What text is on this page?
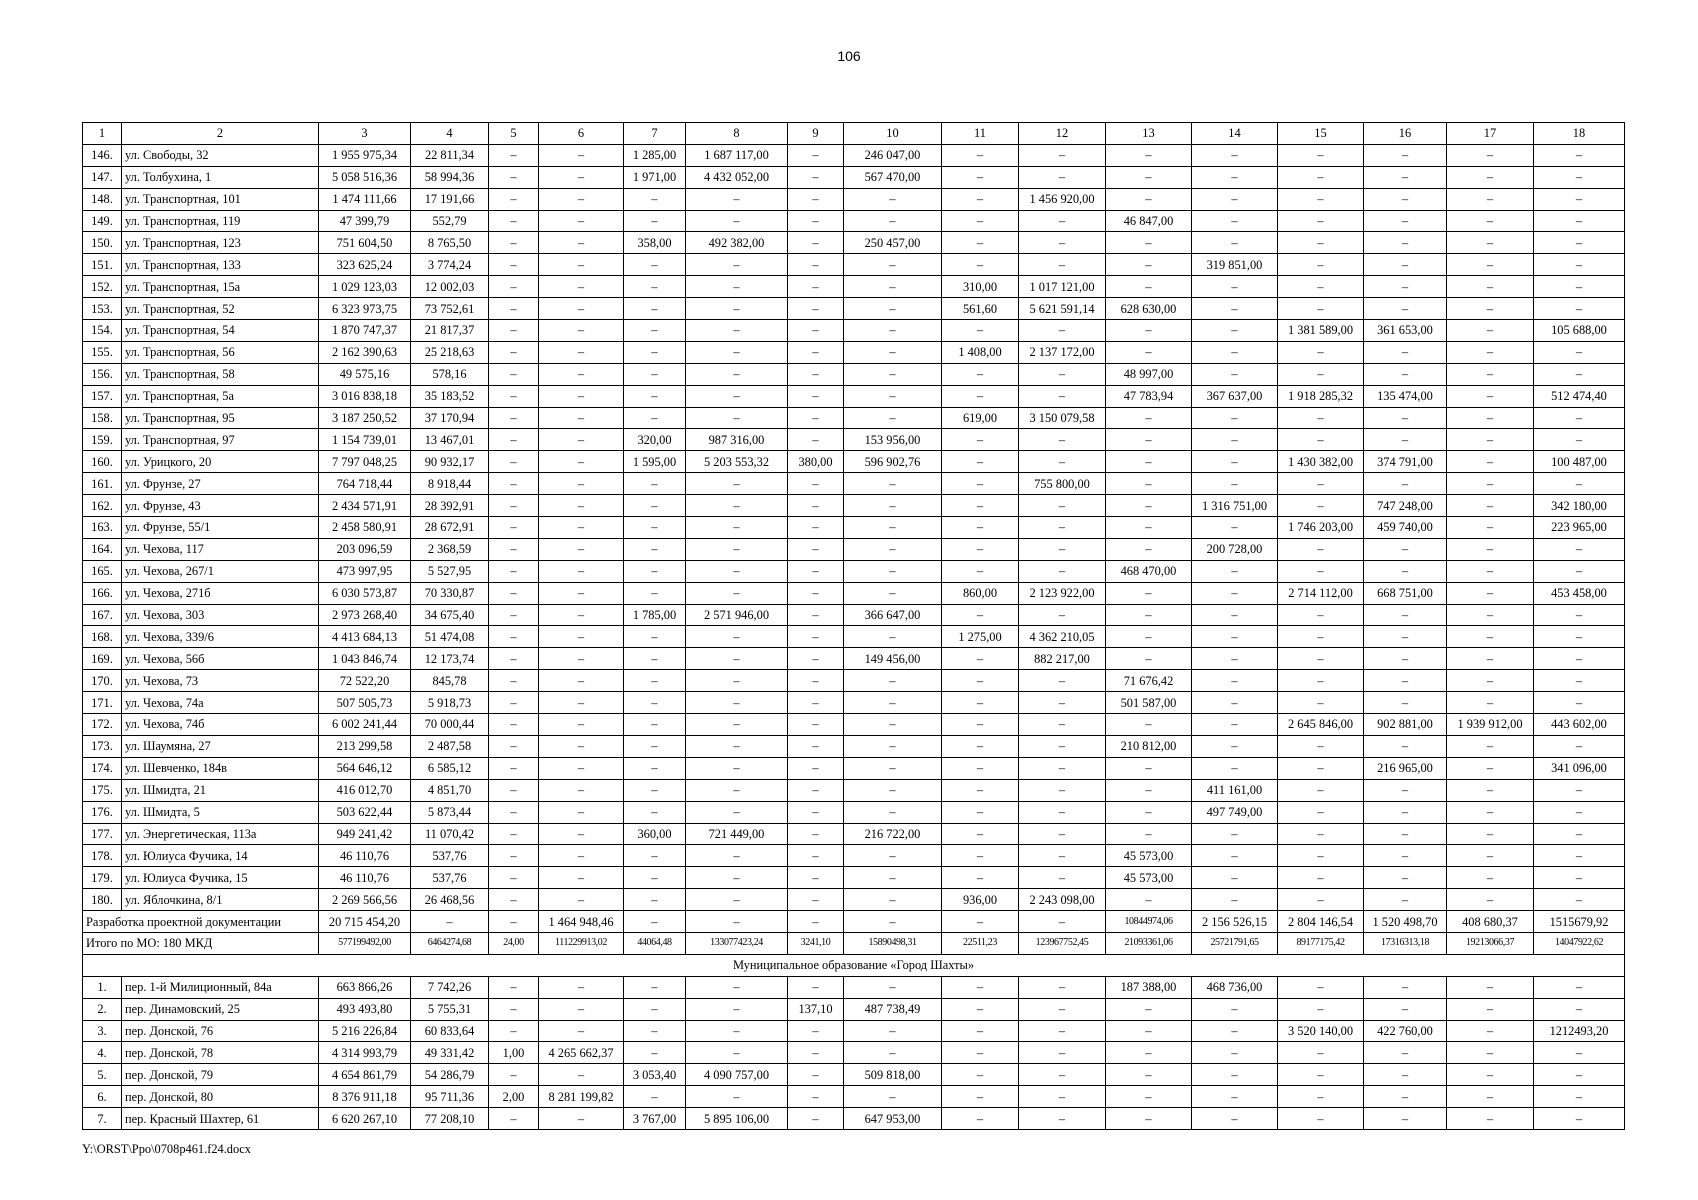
106
1	2	3	4	5	6	7	8	9	10	11	12	13	14	15	16	17	18
146.	ул. Свободы, 32	1 955 975,34	22 811,34	–	–	1 285,00	1 687 117,00	–	246 047,00	–	–	–	–	–	–	–	–
147.	ул. Толбухина, 1	5 058 516,36	58 994,36	–	–	1 971,00	4 432 052,00	–	567 470,00	–	–	–	–	–	–	–	–
148.	ул. Транспортная, 101	1 474 111,66	17 191,66	–	–	–	–	–	–	–	1 456 920,00	–	–	–	–	–	–
149.	ул. Транспортная, 119	47 399,79	552,79	–	–	–	–	–	–	–	–	46 847,00	–	–	–	–	–
150.	ул. Транспортная, 123	751 604,50	8 765,50	–	–	358,00	492 382,00	–	250 457,00	–	–	–	–	–	–	–	–
151.	ул. Транспортная, 133	323 625,24	3 774,24	–	–	–	–	–	–	–	–	–	319 851,00	–	–	–	–
152.	ул. Транспортная, 15а	1 029 123,03	12 002,03	–	–	–	–	–	–	310,00	1 017 121,00	–	–	–	–	–	–
153.	ул. Транспортная, 52	6 323 973,75	73 752,61	–	–	–	–	–	–	561,60	5 621 591,14	628 630,00	–	–	–	–	–
154.	ул. Транспортная, 54	1 870 747,37	21 817,37	–	–	–	–	–	–	–	–	–	–	1 381 589,00	361 653,00	–	105 688,00
155.	ул. Транспортная, 56	2 162 390,63	25 218,63	–	–	–	–	–	–	1 408,00	2 137 172,00	–	–	–	–	–	–
156.	ул. Транспортная, 58	49 575,16	578,16	–	–	–	–	–	–	–	–	48 997,00	–	–	–	–	–
157.	ул. Транспортная, 5а	3 016 838,18	35 183,52	–	–	–	–	–	–	–	–	47 783,94	367 637,00	1 918 285,32	135 474,00	–	512 474,40
158.	ул. Транспортная, 95	3 187 250,52	37 170,94	–	–	–	–	–	–	619,00	3 150 079,58	–	–	–	–	–	–
159.	ул. Транспортная, 97	1 154 739,01	13 467,01	–	–	320,00	987 316,00	–	153 956,00	–	–	–	–	–	–	–	–
160.	ул. Урицкого, 20	7 797 048,25	90 932,17	–	–	1 595,00	5 203 553,32	380,00	596 902,76	–	–	–	–	1 430 382,00	374 791,00	–	100 487,00
161.	ул. Фрунзе, 27	764 718,44	8 918,44	–	–	–	–	–	–	–	755 800,00	–	–	–	–	–	–
162.	ул. Фрунзе, 43	2 434 571,91	28 392,91	–	–	–	–	–	–	–	–	–	1 316 751,00	–	747 248,00	–	342 180,00
163.	ул. Фрунзе, 55/1	2 458 580,91	28 672,91	–	–	–	–	–	–	–	–	–	–	1 746 203,00	459 740,00	–	223 965,00
164.	ул. Чехова, 117	203 096,59	2 368,59	–	–	–	–	–	–	–	–	–	200 728,00	–	–	–	–
165.	ул. Чехова, 267/1	473 997,95	5 527,95	–	–	–	–	–	–	–	–	468 470,00	–	–	–	–	–
166.	ул. Чехова, 271б	6 030 573,87	70 330,87	–	–	–	–	–	–	860,00	2 123 922,00	–	–	2 714 112,00	668 751,00	–	453 458,00
167.	ул. Чехова, 303	2 973 268,40	34 675,40	–	–	1 785,00	2 571 946,00	–	366 647,00	–	–	–	–	–	–	–	–
168.	ул. Чехова, 339/6	4 413 684,13	51 474,08	–	–	–	–	–	–	1 275,00	4 362 210,05	–	–	–	–	–	–
169.	ул. Чехова, 56б	1 043 846,74	12 173,74	–	–	–	–	–	149 456,00	–	882 217,00	–	–	–	–	–	–
170.	ул. Чехова, 73	72 522,20	845,78	–	–	–	–	–	–	–	–	71 676,42	–	–	–	–	–
171.	ул. Чехова, 74а	507 505,73	5 918,73	–	–	–	–	–	–	–	–	501 587,00	–	–	–	–	–
172.	ул. Чехова, 74б	6 002 241,44	70 000,44	–	–	–	–	–	–	–	–	–	–	2 645 846,00	902 881,00	1 939 912,00	443 602,00
173.	ул. Шаумяна, 27	213 299,58	2 487,58	–	–	–	–	–	–	–	–	210 812,00	–	–	–	–	–
174.	ул. Шевченко, 184в	564 646,12	6 585,12	–	–	–	–	–	–	–	–	–	–	–	216 965,00	–	341 096,00
175.	ул. Шмидта, 21	416 012,70	4 851,70	–	–	–	–	–	–	–	–	–	411 161,00	–	–	–	–
176.	ул. Шмидта, 5	503 622,44	5 873,44	–	–	–	–	–	–	–	–	–	497 749,00	–	–	–	–
177.	ул. Энергетическая, 113а	949 241,42	11 070,42	–	–	360,00	721 449,00	–	216 722,00	–	–	–	–	–	–	–	–
178.	ул. Юлиуса Фучика, 14	46 110,76	537,76	–	–	–	–	–	–	–	–	45 573,00	–	–	–	–	–
179.	ул. Юлиуса Фучика, 15	46 110,76	537,76	–	–	–	–	–	–	–	–	45 573,00	–	–	–	–	–
180.	ул. Яблочкина, 8/1	2 269 566,56	26 468,56	–	–	–	–	–	–	936,00	2 243 098,00	–	–	–	–	–	–
Разработка проектной документации		20 715 454,20	–	–	1 464 948,46	–	–	–	–	–	–	10844974,06	2 156 526,15	2 804 146,54	1 520 498,70	408 680,37	1515679,92
Итого по МО: 180 МКД		577199492,00	6464274,68	24,00	111229913,02	44064,48	133077423,24	3241,10	15890498,31	22511,23	123967752,45	21093361,06	25721791,65	89177175,42	17316313,18	19213066,37	14047922,62
Муниципальное образование «Город Шахты»																	
1.	пер. 1-й Милиционный, 84а	663 866,26	7 742,26	–	–	–	–	–	–	–	–	187 388,00	468 736,00	–	–	–	–
2.	пер. Динамовский, 25	493 493,80	5 755,31	–	–	–	–	137,10	487 738,49	–	–	–	–	–	–	–	–
3.	пер. Донской, 76	5 216 226,84	60 833,64	–	–	–	–	–	–	–	–	–	–	3 520 140,00	422 760,00	–	1212493,20
4.	пер. Донской, 78	4 314 993,79	49 331,42	1,00	4 265 662,37	–	–	–	–	–	–	–	–	–	–	–	–
5.	пер. Донской, 79	4 654 861,79	54 286,79	–	–	3 053,40	4 090 757,00	–	509 818,00	–	–	–	–	–	–	–	–
6.	пер. Донской, 80	8 376 911,18	95 711,36	2,00	8 281 199,82	–	–	–	–	–	–	–	–	–	–	–	–
7.	пер. Красный Шахтер, 61	6 620 267,10	77 208,10	–	–	3 767,00	5 895 106,00	–	647 953,00	–	–	–	–	–	–	–	–
Y:\ORST\Ppo\0708p461.f24.docx
